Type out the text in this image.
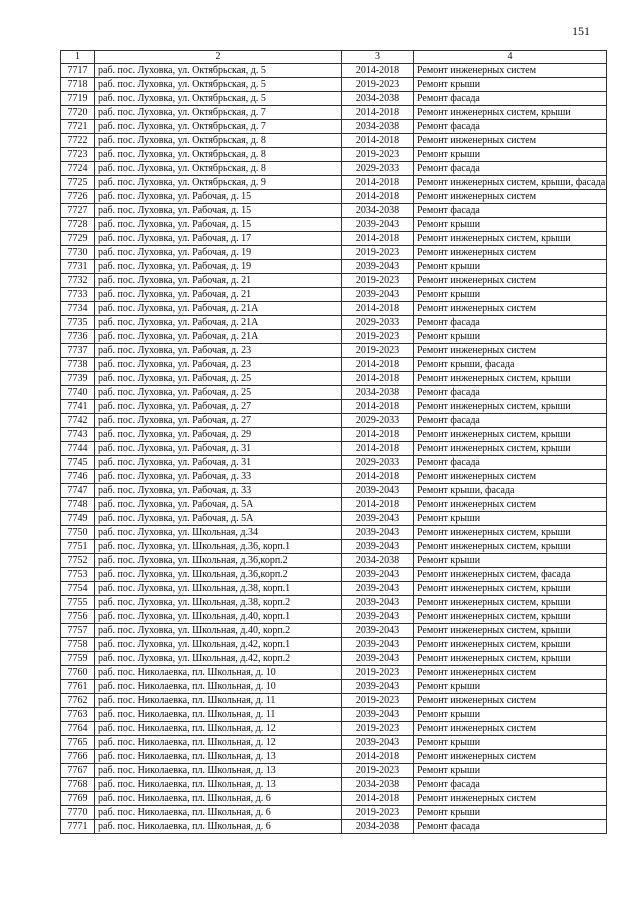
151
1	2	3	4
7717	раб. пос. Луховка, ул. Октябрьская, д. 5	2014-2018	Ремонт инженерных систем
7718	раб. пос. Луховка, ул. Октябрьская, д. 5	2019-2023	Ремонт крыши
7719	раб. пос. Луховка, ул. Октябрьская, д. 5	2034-2038	Ремонт фасада
7720	раб. пос. Луховка, ул. Октябрьская, д. 7	2014-2018	Ремонт инженерных систем, крыши
7721	раб. пос. Луховка, ул. Октябрьская, д. 7	2034-2038	Ремонт фасада
7722	раб. пос. Луховка, ул. Октябрьская, д. 8	2014-2018	Ремонт инженерных систем
7723	раб. пос. Луховка, ул. Октябрьская, д. 8	2019-2023	Ремонт крыши
7724	раб. пос. Луховка, ул. Октябрьская, д. 8	2029-2033	Ремонт фасада
7725	раб. пос. Луховка, ул. Октябрьская, д. 9	2014-2018	Ремонт инженерных систем, крыши, фасада
7726	раб. пос. Луховка, ул. Рабочая, д. 15	2014-2018	Ремонт инженерных систем
7727	раб. пос. Луховка, ул. Рабочая, д. 15	2034-2038	Ремонт фасада
7728	раб. пос. Луховка, ул. Рабочая, д. 15	2039-2043	Ремонт крыши
7729	раб. пос. Луховка, ул. Рабочая, д. 17	2014-2018	Ремонт инженерных систем, крыши
7730	раб. пос. Луховка, ул. Рабочая, д. 19	2019-2023	Ремонт инженерных систем
7731	раб. пос. Луховка, ул. Рабочая, д. 19	2039-2043	Ремонт крыши
7732	раб. пос. Луховка, ул. Рабочая, д. 21	2019-2023	Ремонт инженерных систем
7733	раб. пос. Луховка, ул. Рабочая, д. 21	2039-2043	Ремонт крыши
7734	раб. пос. Луховка, ул. Рабочая, д. 21А	2014-2018	Ремонт инженерных систем
7735	раб. пос. Луховка, ул. Рабочая, д. 21А	2029-2033	Ремонт фасада
7736	раб. пос. Луховка, ул. Рабочая, д. 21А	2019-2023	Ремонт крыши
7737	раб. пос. Луховка, ул. Рабочая, д. 23	2019-2023	Ремонт инженерных систем
7738	раб. пос. Луховка, ул. Рабочая, д. 23	2014-2018	Ремонт крыши, фасада
7739	раб. пос. Луховка, ул. Рабочая, д. 25	2014-2018	Ремонт инженерных систем, крыши
7740	раб. пос. Луховка, ул. Рабочая, д. 25	2034-2038	Ремонт фасада
7741	раб. пос. Луховка, ул. Рабочая, д. 27	2014-2018	Ремонт инженерных систем, крыши
7742	раб. пос. Луховка, ул. Рабочая, д. 27	2029-2033	Ремонт фасада
7743	раб. пос. Луховка, ул. Рабочая, д. 29	2014-2018	Ремонт инженерных систем, крыши
7744	раб. пос. Луховка, ул. Рабочая, д. 31	2014-2018	Ремонт инженерных систем, крыши
7745	раб. пос. Луховка, ул. Рабочая, д. 31	2029-2033	Ремонт фасада
7746	раб. пос. Луховка, ул. Рабочая, д. 33	2014-2018	Ремонт инженерных систем
7747	раб. пос. Луховка, ул. Рабочая, д. 33	2039-2043	Ремонт крыши, фасада
7748	раб. пос. Луховка, ул. Рабочая, д. 5А	2014-2018	Ремонт инженерных систем
7749	раб. пос. Луховка, ул. Рабочая, д. 5А	2039-2043	Ремонт крыши
7750	раб. пос. Луховка, ул. Школьная, д.34	2039-2043	Ремонт инженерных систем, крыши
7751	раб. пос. Луховка, ул. Школьная, д.36, корп.1	2039-2043	Ремонт инженерных систем, крыши
7752	раб. пос. Луховка, ул. Школьная, д.36,корп.2	2034-2038	Ремонт крыши
7753	раб. пос. Луховка, ул. Школьная, д.36,корп.2	2039-2043	Ремонт инженерных систем, фасада
7754	раб. пос. Луховка, ул. Школьная, д.38, корп.1	2039-2043	Ремонт инженерных систем, крыши
7755	раб. пос. Луховка, ул. Школьная, д.38, корп.2	2039-2043	Ремонт инженерных систем, крыши
7756	раб. пос. Луховка, ул. Школьная, д.40, корп.1	2039-2043	Ремонт инженерных систем, крыши
7757	раб. пос. Луховка, ул. Школьная, д.40, корп.2	2039-2043	Ремонт инженерных систем, крыши
7758	раб. пос. Луховка, ул. Школьная, д.42, корп.1	2039-2043	Ремонт инженерных систем, крыши
7759	раб. пос. Луховка, ул. Школьная, д.42, корп.2	2039-2043	Ремонт инженерных систем, крыши
7760	раб. пос. Николаевка, пл. Школьная, д. 10	2019-2023	Ремонт инженерных систем
7761	раб. пос. Николаевка, пл. Школьная, д. 10	2039-2043	Ремонт крыши
7762	раб. пос. Николаевка, пл. Школьная, д. 11	2019-2023	Ремонт инженерных систем
7763	раб. пос. Николаевка, пл. Школьная, д. 11	2039-2043	Ремонт крыши
7764	раб. пос. Николаевка, пл. Школьная, д. 12	2019-2023	Ремонт инженерных систем
7765	раб. пос. Николаевка, пл. Школьная, д. 12	2039-2043	Ремонт крыши
7766	раб. пос. Николаевка, пл. Школьная, д. 13	2014-2018	Ремонт инженерных систем
7767	раб. пос. Николаевка, пл. Школьная, д. 13	2019-2023	Ремонт крыши
7768	раб. пос. Николаевка, пл. Школьная, д. 13	2034-2038	Ремонт фасада
7769	раб. пос. Николаевка, пл. Школьная, д. 6	2014-2018	Ремонт инженерных систем
7770	раб. пос. Николаевка, пл. Школьная, д. 6	2019-2023	Ремонт крыши
7771	раб. пос. Николаевка, пл. Школьная, д. 6	2034-2038	Ремонт фасада
